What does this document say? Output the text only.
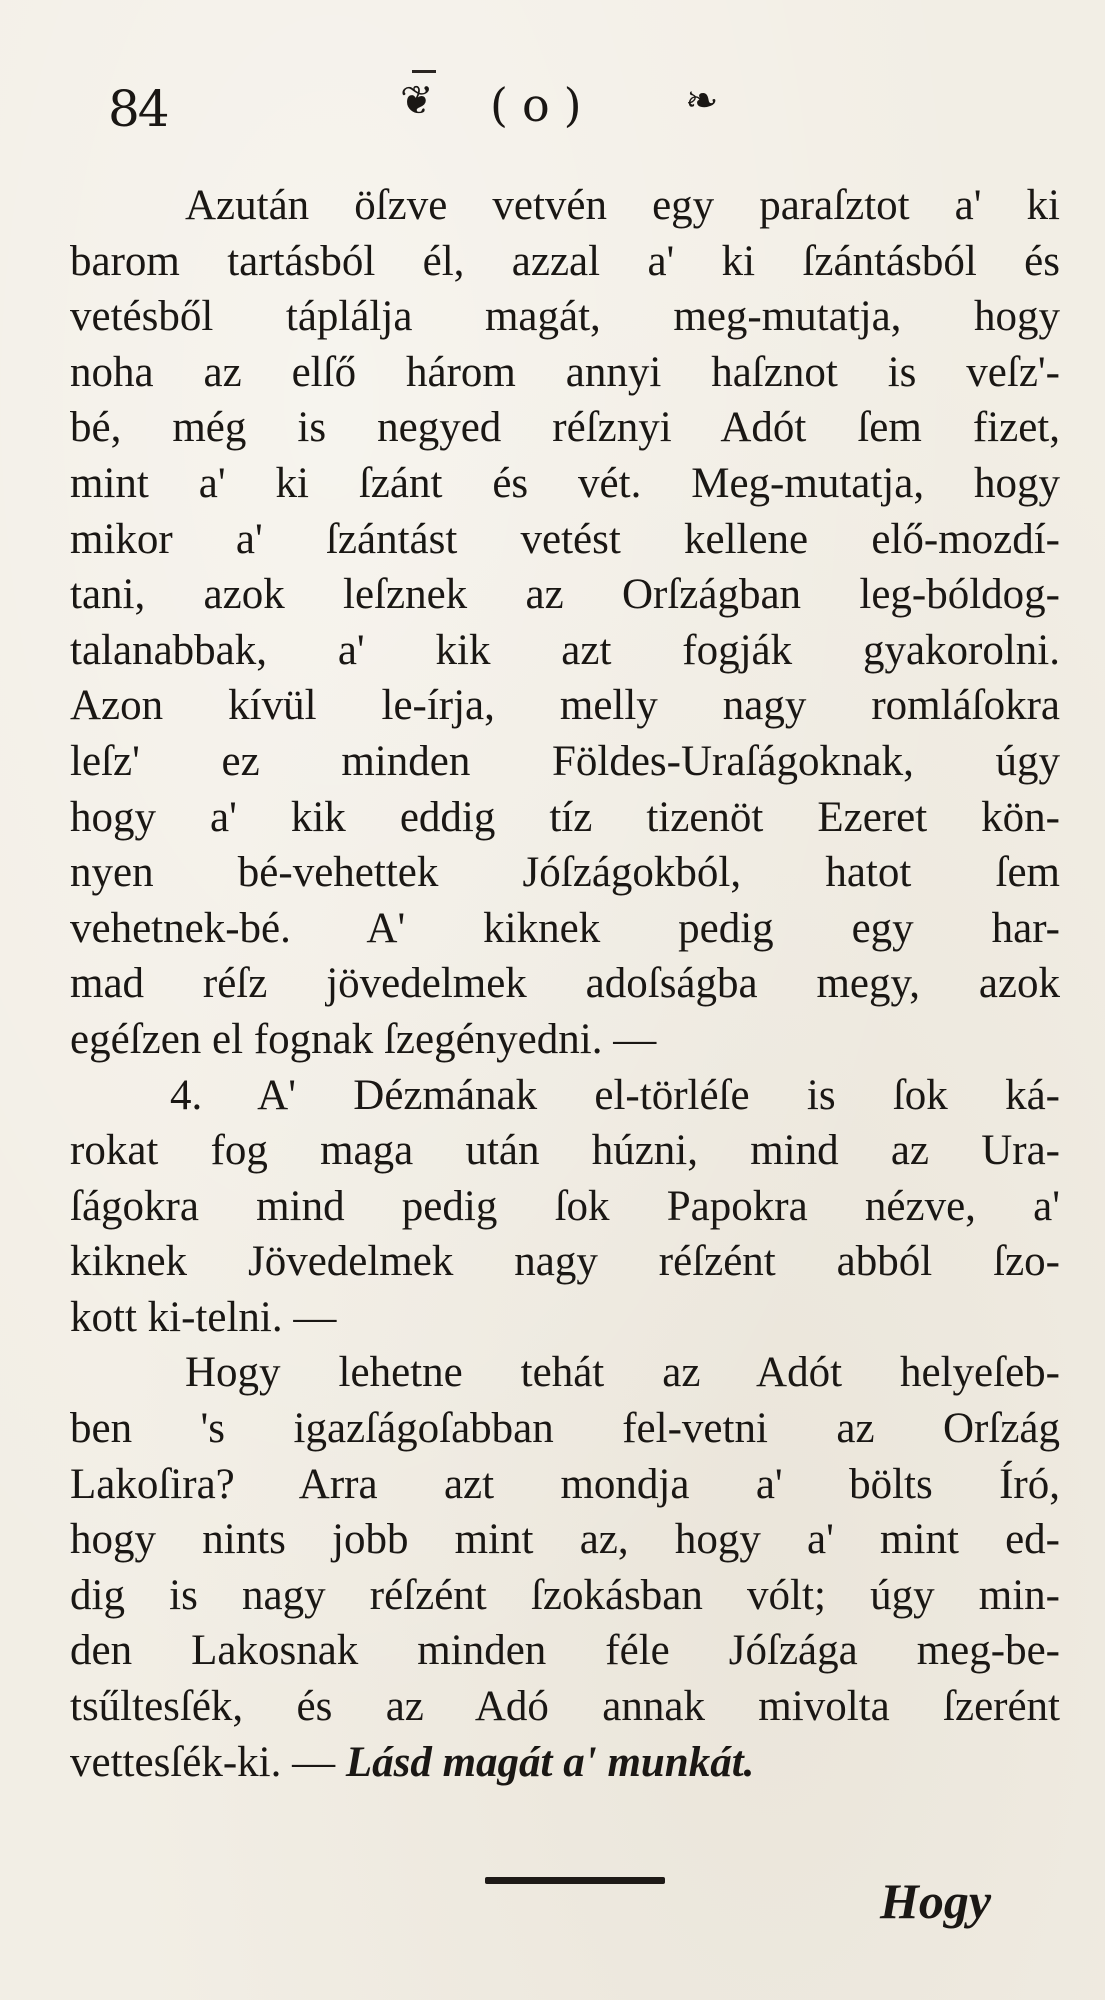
84	❦ (o) ❧
Azután öſzve vetvén egy paraſztot a' ki
barom tartásból él, azzal a' ki ſzántásból és
vetésből táplálja magát, meg-mutatja, hogy
noha az elſő három annyi haſznot is veſz'-
bé, még is negyed réſznyi Adót ſem fizet,
mint a' ki ſzánt és vét. Meg-mutatja, hogy
mikor a' ſzántást vetést kellene elő-mozdí-
tani, azok leſznek az Orſzágban leg-bóldog-
talanabbak, a' kik azt fogják gyakorolni.
Azon kívül le-írja, melly nagy romláſokra
leſz' ez minden Földes-Uraſágoknak, úgy
hogy a' kik eddig tíz tizenöt Ezeret kön-
nyen bé-vehettek Jóſzágokból, hatot ſem
vehetnek-bé. A' kiknek pedig egy har-
mad réſz jövedelmek adoſságba megy, azok
egéſzen el fognak ſzegényedni. —
4. A' Dézmának el-törléſe is ſok ká-
rokat fog maga után húzni, mind az Ura-
ſágokra mind pedig ſok Papokra nézve, a'
kiknek Jövedelmek nagy réſzént abból ſzo-
kott ki-telni. —
Hogy lehetne tehát az Adót helyeſeb-
ben 's igazſágoſabban fel-vetni az Orſzág
Lakoſira? Arra azt mondja a' bölts Író,
hogy nints jobb mint az, hogy a' mint ed-
dig is nagy réſzént ſzokásban vólt; úgy min-
den Lakosnak minden féle Jóſzága meg-be-
tsűltesſék, és az Adó annak mivolta ſzerént
vettesſék-ki. — Lásd magát a' munkát.
Hogy
